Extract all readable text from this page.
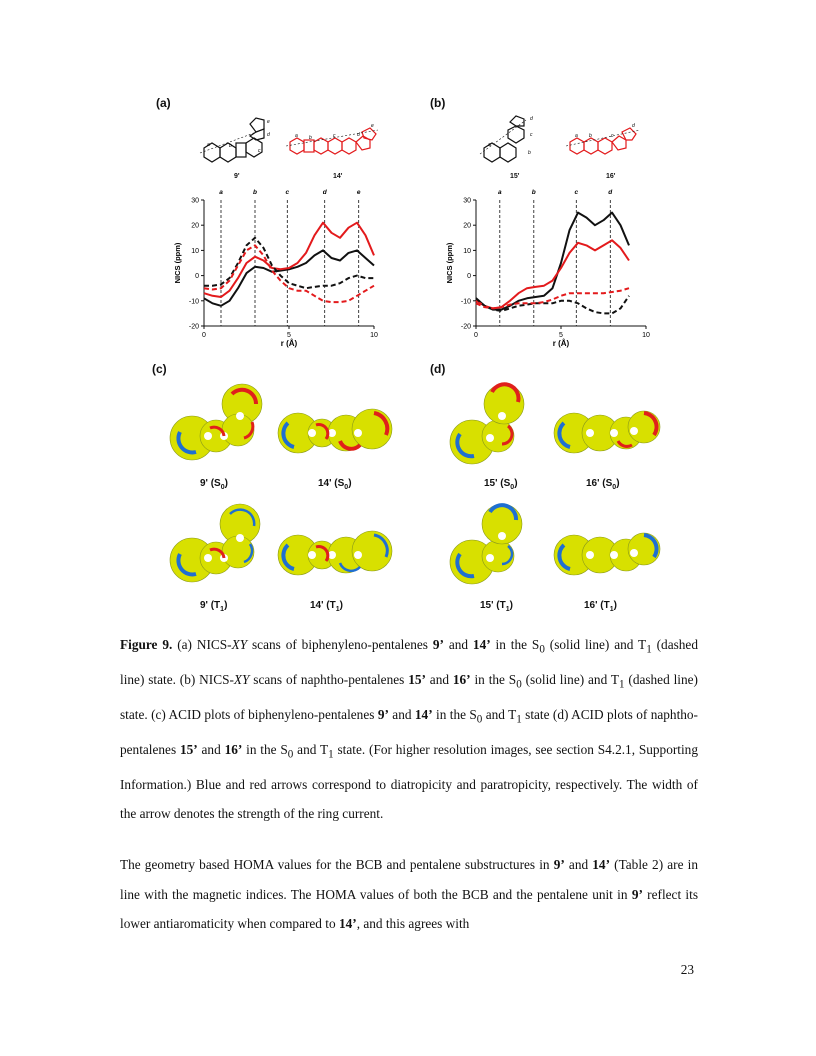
(a)	(b)
(c)	(d)
a	b
c
d
e
9'
a b	c	d
e
14'
a
b
c
d
15'
a b	c
d
16'
-20
-10
0
10
20
30
0	5	10
a	b	c	d	e
NICS (ppm)
r (Å)
-20
-10
0
10
20
30
0	5	10
a	b	c	d
NICS (ppm)
r (Å)
9' $(S_0)$	14' $(S_0)$	15' $(S_0)$	16' $(S_0)$
9' $(T_1)$	14' $(T_1)$	15' $(T_1)$	16' $(T_1)$
Figure 9. (a) NICS-XY scans of biphenyleno-pentalenes 9’ and 14’ in the $S_0$ (solid line) and $T_1$ (dashed line) state. (b) NICS-XY scans of naphtho-pentalenes 15’ and 16’ in the $S_0$ (solid line) and $T_1$ (dashed line) state. (c) ACID plots of biphenyleno-pentalenes 9’ and 14’ in the $S_0$ and $T_1$ state (d) ACID plots of naphtho-pentalenes 15’ and 16’ in the $S_0$ and $T_1$ state. (For higher resolution images, see section S4.2.1, Supporting Information.) Blue and red arrows correspond to diatropicity and paratropicity, respectively. The width of the arrow denotes the strength of the ring current.
The geometry based HOMA values for the BCB and pentalene substructures in 9’ and 14’ (Table 2) are in line with the magnetic indices. The HOMA values of both the BCB and the pentalene unit in 9’ reflect its lower antiaromaticity when compared to 14’, and this agrees with
23
